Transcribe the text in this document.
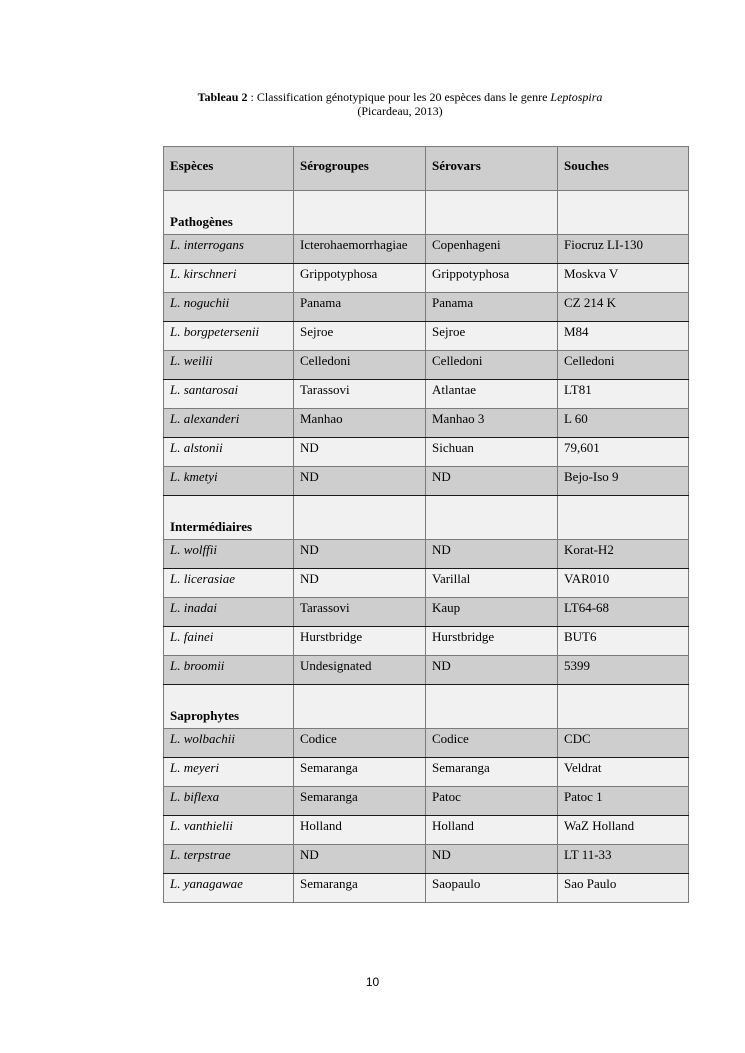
Tableau 2 : Classification génotypique pour les 20 espèces dans le genre Leptospira
(Picardeau, 2013)
Espèces	Sérogroupes	Sérovars	Souches
Pathogènes			
L. interrogans	Icterohaemorrhagiae	Copenhageni	Fiocruz LI-130
L. kirschneri	Grippotyphosa	Grippotyphosa	Moskva V
L. noguchii	Panama	Panama	CZ 214 K
L. borgpetersenii	Sejroe	Sejroe	M84
L. weilii	Celledoni	Celledoni	Celledoni
L. santarosai	Tarassovi	Atlantae	LT81
L. alexanderi	Manhao	Manhao 3	L 60
L. alstonii	ND	Sichuan	79,601
L. kmetyi	ND	ND	Bejo-Iso 9
Intermédiaires			
L. wolffii	ND	ND	Korat-H2
L. licerasiae	ND	Varillal	VAR010
L. inadai	Tarassovi	Kaup	LT64-68
L. fainei	Hurstbridge	Hurstbridge	BUT6
L. broomii	Undesignated	ND	5399
Saprophytes			
L. wolbachii	Codice	Codice	CDC
L. meyeri	Semaranga	Semaranga	Veldrat
L. biflexa	Semaranga	Patoc	Patoc 1
L. vanthielii	Holland	Holland	WaZ Holland
L. terpstrae	ND	ND	LT 11-33
L. yanagawae	Semaranga	Saopaulo	Sao Paulo
10
